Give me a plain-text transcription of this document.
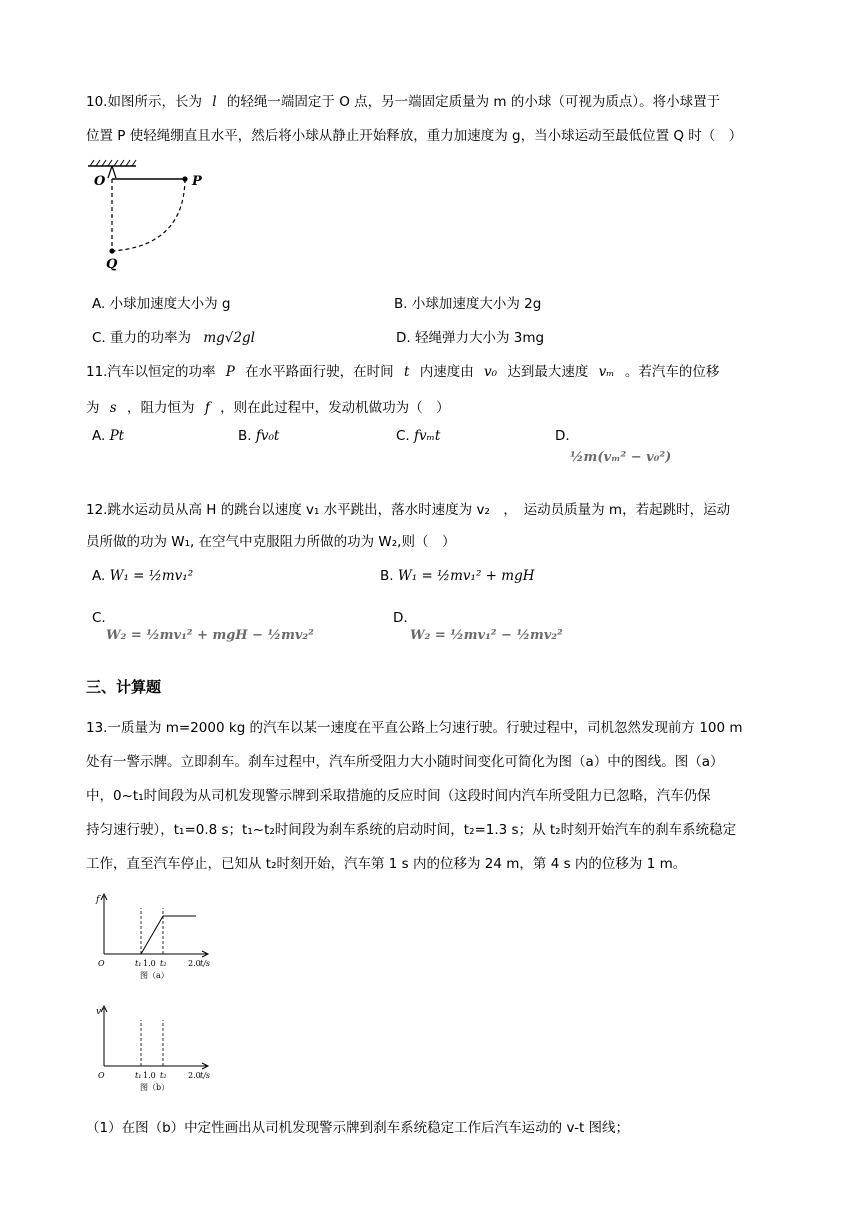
10.如图所示，长为 l 的轻绳一端固定于 O 点，另一端固定质量为 m 的小球（可视为质点）。将小球置于
位置 P 使轻绳绷直且水平，然后将小球从静止开始释放，重力加速度为 g，当小球运动至最低位置 Q 时（　）
O	P
Q
A. 小球加速度大小为 g	B. 小球加速度大小为 2g
C. 重力的功率为 mg√2gl	D. 轻绳弹力大小为 3mg
11.汽车以恒定的功率 P 在水平路面行驶，在时间 t 内速度由 v₀ 达到最大速度 vₘ 。若汽车的位移
为 s ，阻力恒为 f ，则在此过程中，发动机做功为（　）
A. Pt	B. fv₀t	C. fvₘt	D.
½m(vₘ² − v₀²)
12.跳水运动员从高 H 的跳台以速度 v₁ 水平跳出，落水时速度为 v₂　，　运动员质量为 m，若起跳时，运动
员所做的功为 W₁, 在空气中克服阻力所做的功为 W₂,则（　）
A. W₁ = ½mv₁²	B. W₁ = ½mv₁² + mgH
C.
W₂ = ½mv₁² + mgH − ½mv₂²
D.
W₂ = ½mv₁² − ½mv₂²
三、计算题
13.一质量为 m=2000 kg 的汽车以某一速度在平直公路上匀速行驶。行驶过程中，司机忽然发现前方 100 m
处有一警示牌。立即刹车。刹车过程中，汽车所受阻力大小随时间变化可简化为图（a）中的图线。图（a）
中，0~t₁时间段为从司机发现警示牌到采取措施的反应时间（这段时间内汽车所受阻力已忽略，汽车仍保
持匀速行驶），t₁=0.8 s；t₁~t₂时间段为刹车系统的启动时间，t₂=1.3 s；从 t₂时刻开始汽车的刹车系统稳定
工作，直至汽车停止，已知从 t₂时刻开始，汽车第 1 s 内的位移为 24 m，第 4 s 内的位移为 1 m。
f
O	t₁ 1.0 t₂	2.0 t/s
图（a）
v
O	t₁ 1.0 t₂	2.0 t/s
图（b）
（1）在图（b）中定性画出从司机发现警示牌到刹车系统稳定工作后汽车运动的 v-t 图线；
